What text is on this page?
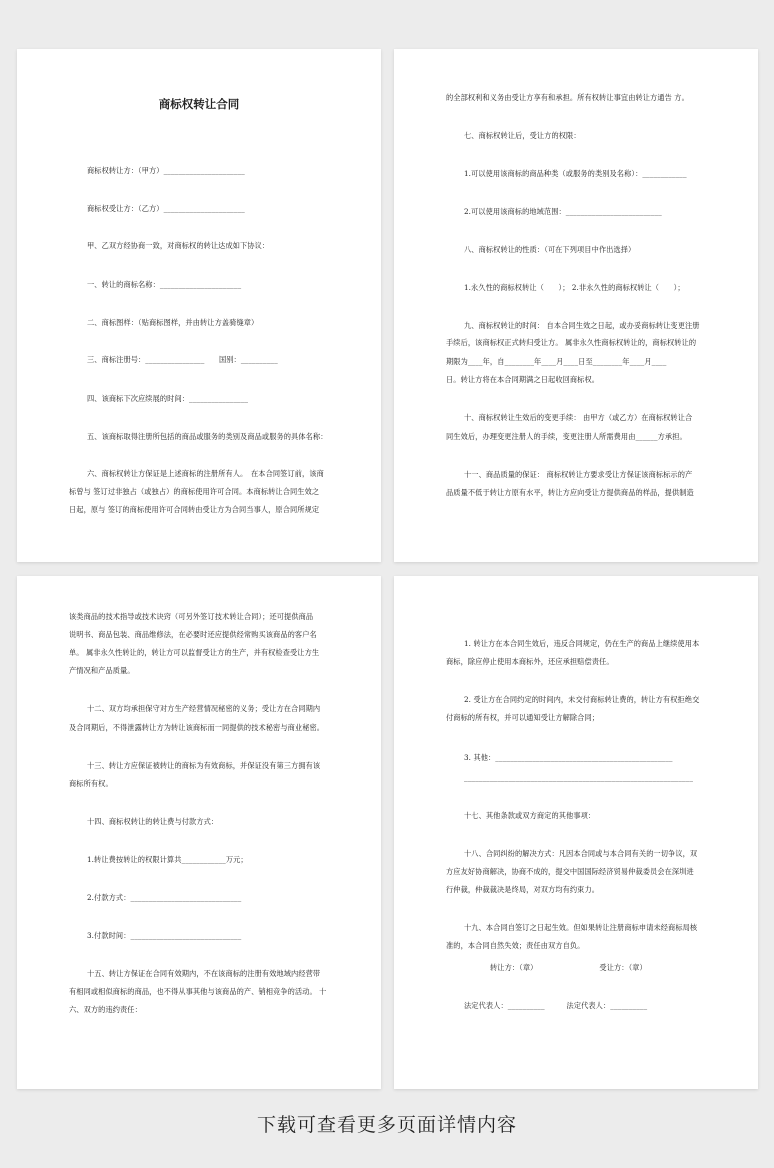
商标权转让合同
商标权转让方：（甲方）______________________
商标权受让方：（乙方）______________________
甲、乙双方经协商一致，对商标权的转让达成如下协议：
一、转让的商标名称：______________________
二、商标图样：（贴商标图样，并由转让方盖骑缝章）
三、商标注册号：________________　　国别：__________
四、该商标下次应续展的时间：________________
五、该商标取得注册所包括的商品或服务的类别及商品或服务的具体名称：
六、商标权转让方保证是上述商标的注册所有人。　在本合同签订前，该商
标曾与 签订过非独占（或独占）的商标使用许可合同。本商标转让合同生效之
日起，原与 签订的商标使用许可合同转由受让方为合同当事人，原合同所规定
的全部权利和义务由受让方享有和承担。所有权转让事宜由转让方通告 方。
七、商标权转让后，受让方的权限：
1.可以使用该商标的商品种类（或服务的类别及名称）：____________
2.可以使用该商标的地域范围：__________________________
八、商标权转让的性质：（可在下列项目中作出选择）
1.永久性的商标权转让（　　）； 2.非永久性的商标权转让（　　）；
九、商标权转让的时间： 自本合同生效之日起，或办妥商标转让变更注册
手续后，该商标权正式转归受让方。 属非永久性商标权转让的，商标权转让的
期限为____年，自________年____月____日至________年____月____
日。转让方将在本合同期满之日起收回商标权。
十、商标权转让生效后的变更手续： 由甲方（或乙方）在商标权转让合
同生效后，办理变更注册人的手续，变更注册人所需费用由______方承担。
十一、商品质量的保证： 商标权转让方要求受让方保证该商标标示的产
品质量不低于转让方原有水平，转让方应向受让方提供商品的样品，提供制造
该类商品的技术指导或技术诀窍（可另外签订技术转让合同）；还可提供商品
说明书、商品包装、商品维修法，在必要时还应提供经常购买该商品的客户名
单。 属非永久性转让的，转让方可以监督受让方的生产，并有权检查受让方生
产情况和产品质量。
十二、双方均承担保守对方生产经营情况秘密的义务；受让方在合同期内
及合同期后，不得泄露转让方为转让该商标而一同提供的技术秘密与商业秘密。
十三、转让方应保证被转让的商标为有效商标，并保证没有第三方拥有该
商标所有权。
十四、商标权转让的转让费与付款方式：
1.转让费按转让的权限计算共____________万元；
2.付款方式：______________________________
3.付款时间：______________________________
十五、转让方保证在合同有效期内，不在该商标的注册有效地域内经营带
有相同或相似商标的商品，也不得从事其他与该商品的产、销相竞争的活动。 十
六、双方的违约责任：
1. 转让方在本合同生效后，违反合同规定，仍在生产的商品上继续使用本
商标，除应停止使用本商标外，还应承担赔偿责任。
2. 受让方在合同约定的时间内，未交付商标转让费的，转让方有权拒绝交
付商标的所有权，并可以通知受让方解除合同；
3. 其他：________________________________________________
______________________________________________________________
十七、其他条款或双方商定的其他事项：
十八、合同纠纷的解决方式：凡因本合同或与本合同有关的一切争议，双
方应友好协商解决，协商不成的，提交中国国际经济贸易仲裁委员会在深圳进
行仲裁，仲裁裁决是终局，对双方均有约束力。
十九、本合同自签订之日起生效。但如果转让注册商标申请未经商标局核
准的，本合同自然失效；责任由双方自负。
转让方：（章）　　　　　　　　　受让方：（章）
法定代表人：__________　　　法定代表人：__________
下载可查看更多页面详情内容
